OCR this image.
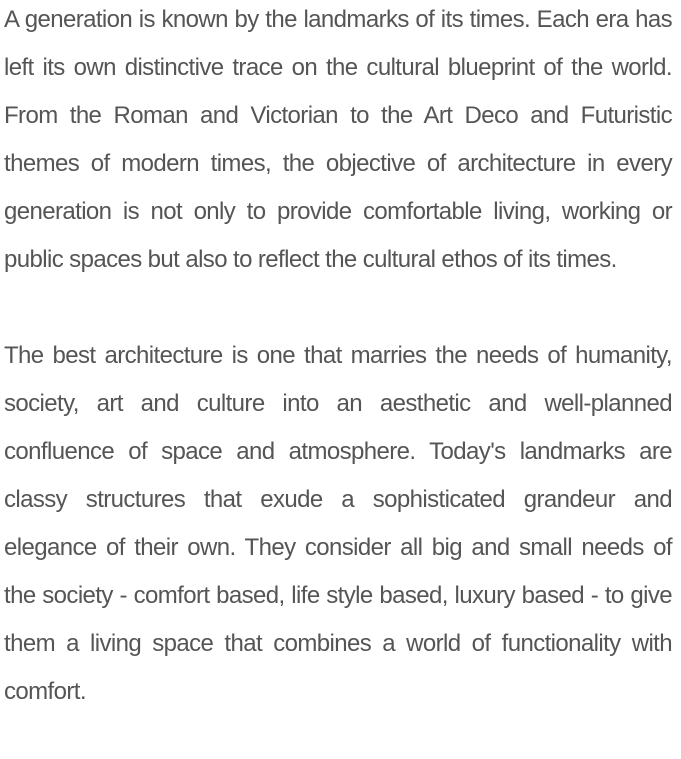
A generation is known by the landmarks of its times. Each era has left its own distinctive trace on the cultural blueprint of the world. From the Roman and Victorian to the Art Deco and Futuristic themes of modern times, the objective of architecture in every generation is not only to provide comfortable living, working or public spaces but also to reflect the cultural ethos of its times.

The best architecture is one that marries the needs of humanity, society, art and culture into an aesthetic and well-planned confluence of space and atmosphere. Today's landmarks are classy structures that exude a sophisticated grandeur and elegance of their own. They consider all big and small needs of the society - comfort based, life style based, luxury based - to give them a living space that combines a world of functionality with comfort.
